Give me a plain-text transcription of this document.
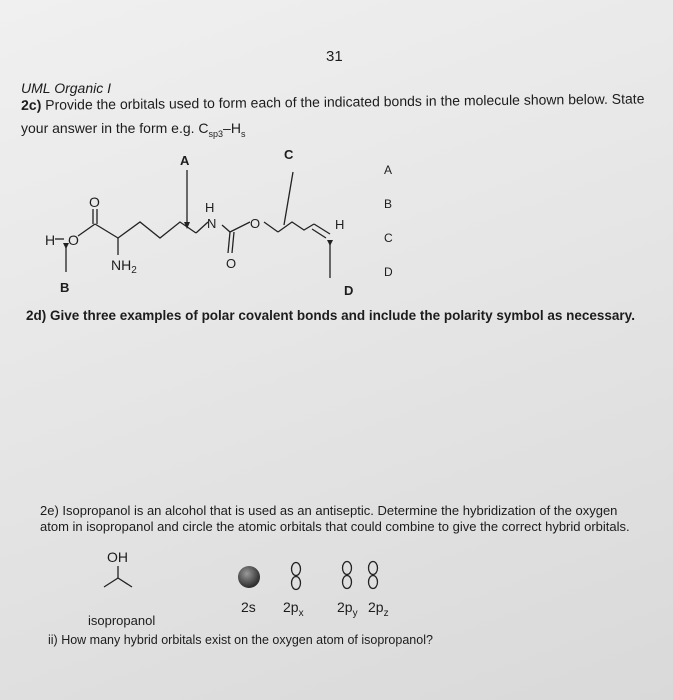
31
UML Organic I
2c) Provide the orbitals used to form each of the indicated bonds in the molecule shown below. State
your answer in the form e.g. $C_{sp3}-H_s$
H O
O
$NH_2$
H
N	O
O
H
A	C
B	D
A
B
C
D
2d) Give three examples of polar covalent bonds and include the polarity symbol as necessary.
2e) Isopropanol is an alcohol that is used as an antiseptic. Determine the hybridization of the oxygen
atom in isopropanol and circle the atomic orbitals that could combine to give the correct hybrid orbitals.
OH
2s $2p_x$ $2p_y$ $2p_z$
isopropanol
ii) How many hybrid orbitals exist on the oxygen atom of isopropanol?
